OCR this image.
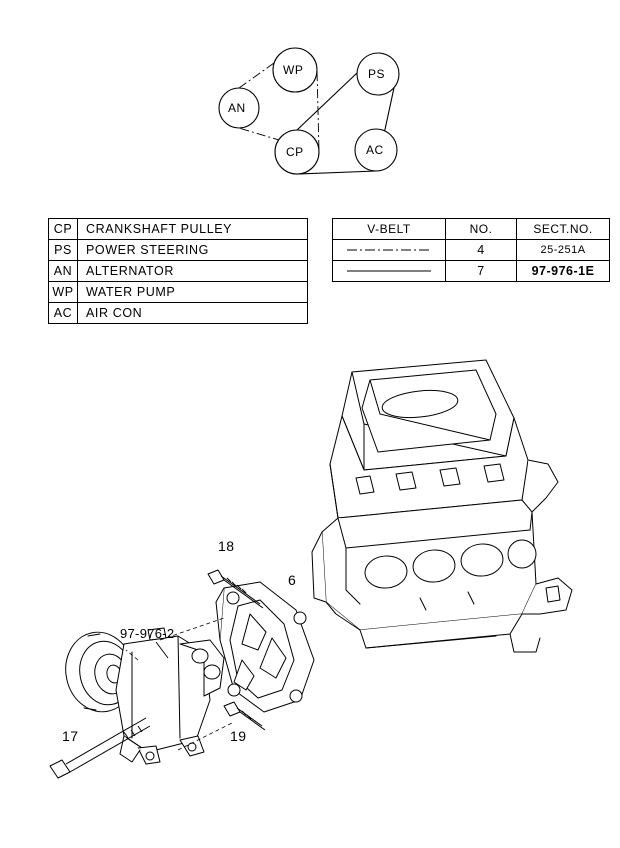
WP	PS
AN
CP	AC
CP	CRANKSHAFT PULLEY
PS	POWER STEERING
AN	ALTERNATOR
WP	WATER PUMP
AC	AIR CON
V-BELT	NO.	SECT.NO.

	4	25-251A

	7	97-976-1E
18
6
97-976-2
17	19
